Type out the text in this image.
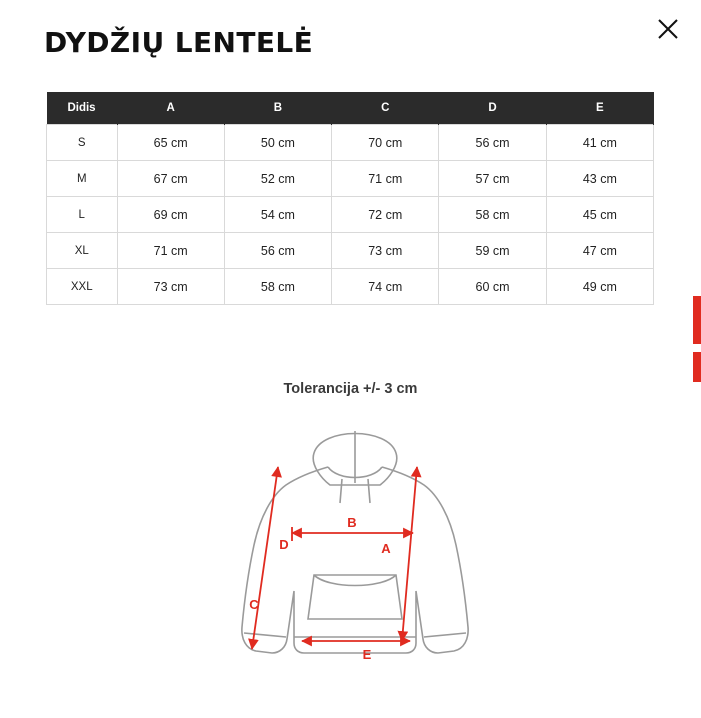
DYDŽIŲ LENTELĖ
Didis	A	B	C	D	E
S	65 cm	50 cm	70 cm	56 cm	41 cm
M	67 cm	52 cm	71 cm	57 cm	43 cm
L	69 cm	54 cm	72 cm	58 cm	45 cm
XL	71 cm	56 cm	73 cm	59 cm	47 cm
XXL	73 cm	58 cm	74 cm	60 cm	49 cm
Tolerancija +/- 3 cm
A
B
C
D
E
